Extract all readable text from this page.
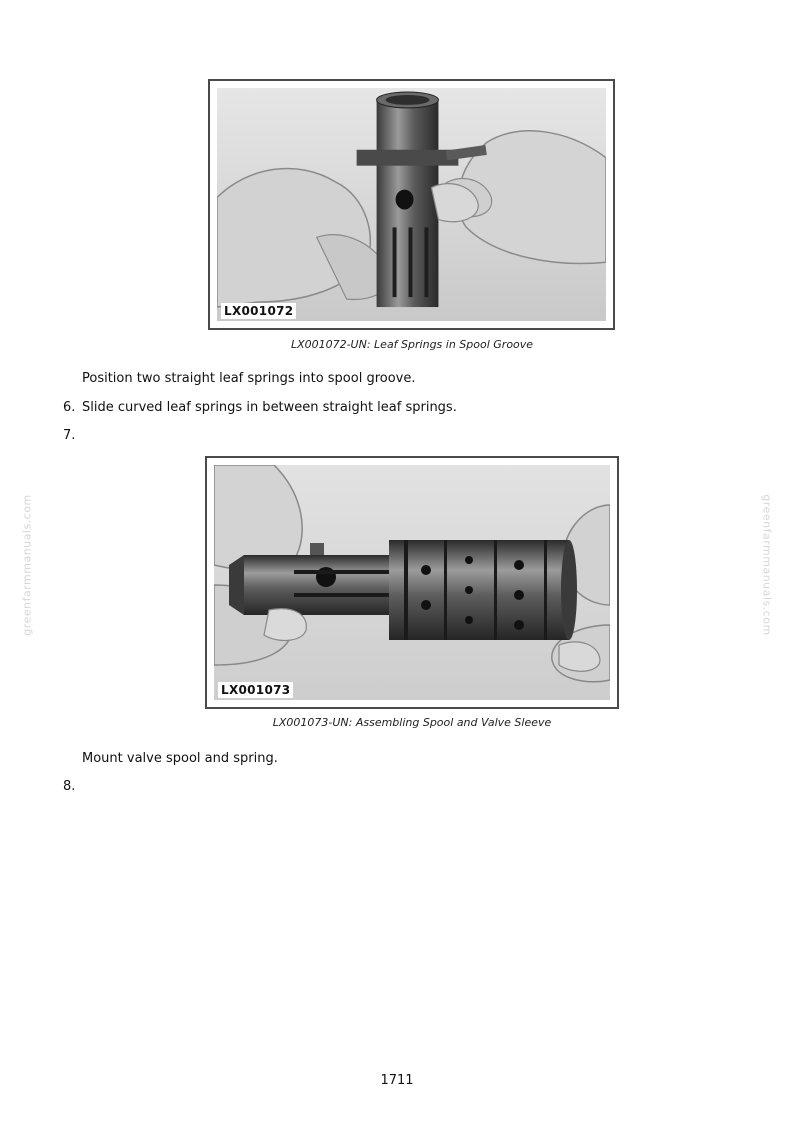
greenfarmmanuals.com	greenfarmmanuals.com
LX001072
LX001072-UN: Leaf Springs in Spool Groove
Position two straight leaf springs into spool groove.
6. Slide curved leaf springs in between straight leaf springs.
7.
LX001073
LX001073-UN: Assembling Spool and Valve Sleeve
Mount valve spool and spring.
8.
1711
